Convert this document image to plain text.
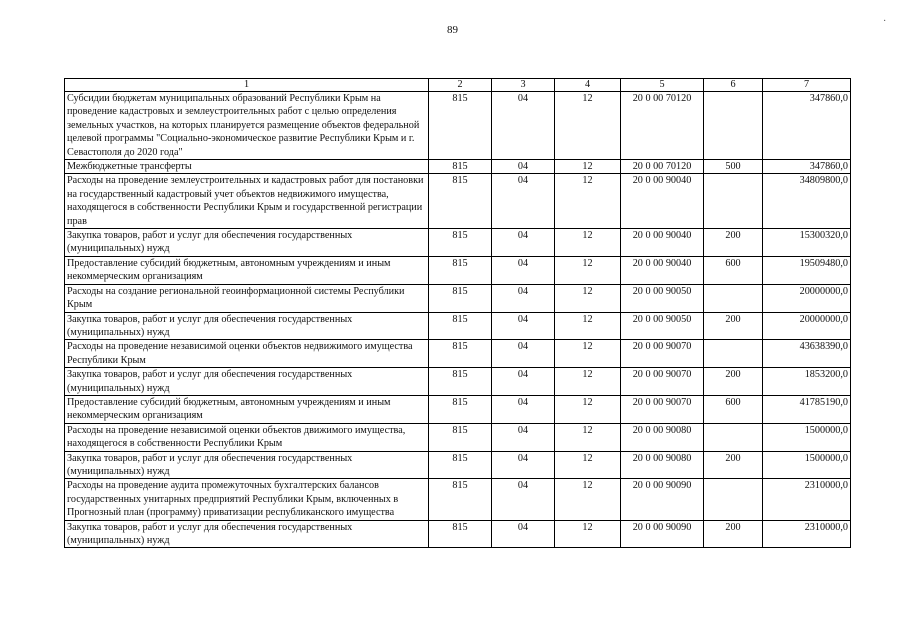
89
·
1	2	3	4	5	6	7
Субсидии бюджетам муниципальных образований Республики Крым на проведение кадастровых и землеустроительных работ с целью определения земельных участков, на которых планируется размещение объектов федеральной целевой программы "Социально-экономическое развитие Республики Крым и г. Севастополя до 2020 года"	815	04	12	20 0 00 70120		347860,0
Межбюджетные трансферты	815	04	12	20 0 00 70120	500	347860,0
Расходы на проведение землеустроительных и кадастровых работ для постановки на государственный кадастровый учет объектов недвижимого имущества, находящегося в собственности Республики Крым и государственной регистрации прав	815	04	12	20 0 00 90040		34809800,0
Закупка товаров, работ и услуг для обеспечения государственных (муниципальных) нужд	815	04	12	20 0 00 90040	200	15300320,0
Предоставление субсидий бюджетным, автономным учреждениям и иным некоммерческим организациям	815	04	12	20 0 00 90040	600	19509480,0
Расходы на создание региональной геоинформационной системы Республики Крым	815	04	12	20 0 00 90050		20000000,0
Закупка товаров, работ и услуг для обеспечения государственных (муниципальных) нужд	815	04	12	20 0 00 90050	200	20000000,0
Расходы на проведение независимой оценки объектов недвижимого имущества Республики Крым	815	04	12	20 0 00 90070		43638390,0
Закупка товаров, работ и услуг для обеспечения государственных (муниципальных) нужд	815	04	12	20 0 00 90070	200	1853200,0
Предоставление субсидий бюджетным, автономным учреждениям и иным некоммерческим организациям	815	04	12	20 0 00 90070	600	41785190,0
Расходы на проведение независимой оценки объектов движимого имущества, находящегося в собственности Республики Крым	815	04	12	20 0 00 90080		1500000,0
Закупка товаров, работ и услуг для обеспечения государственных (муниципальных) нужд	815	04	12	20 0 00 90080	200	1500000,0
Расходы на проведение аудита промежуточных бухгалтерских балансов государственных унитарных предприятий Республики Крым, включенных в Прогнозный план (программу) приватизации республиканского имущества	815	04	12	20 0 00 90090		2310000,0
Закупка товаров, работ и услуг для обеспечения государственных (муниципальных) нужд	815	04	12	20 0 00 90090	200	2310000,0
